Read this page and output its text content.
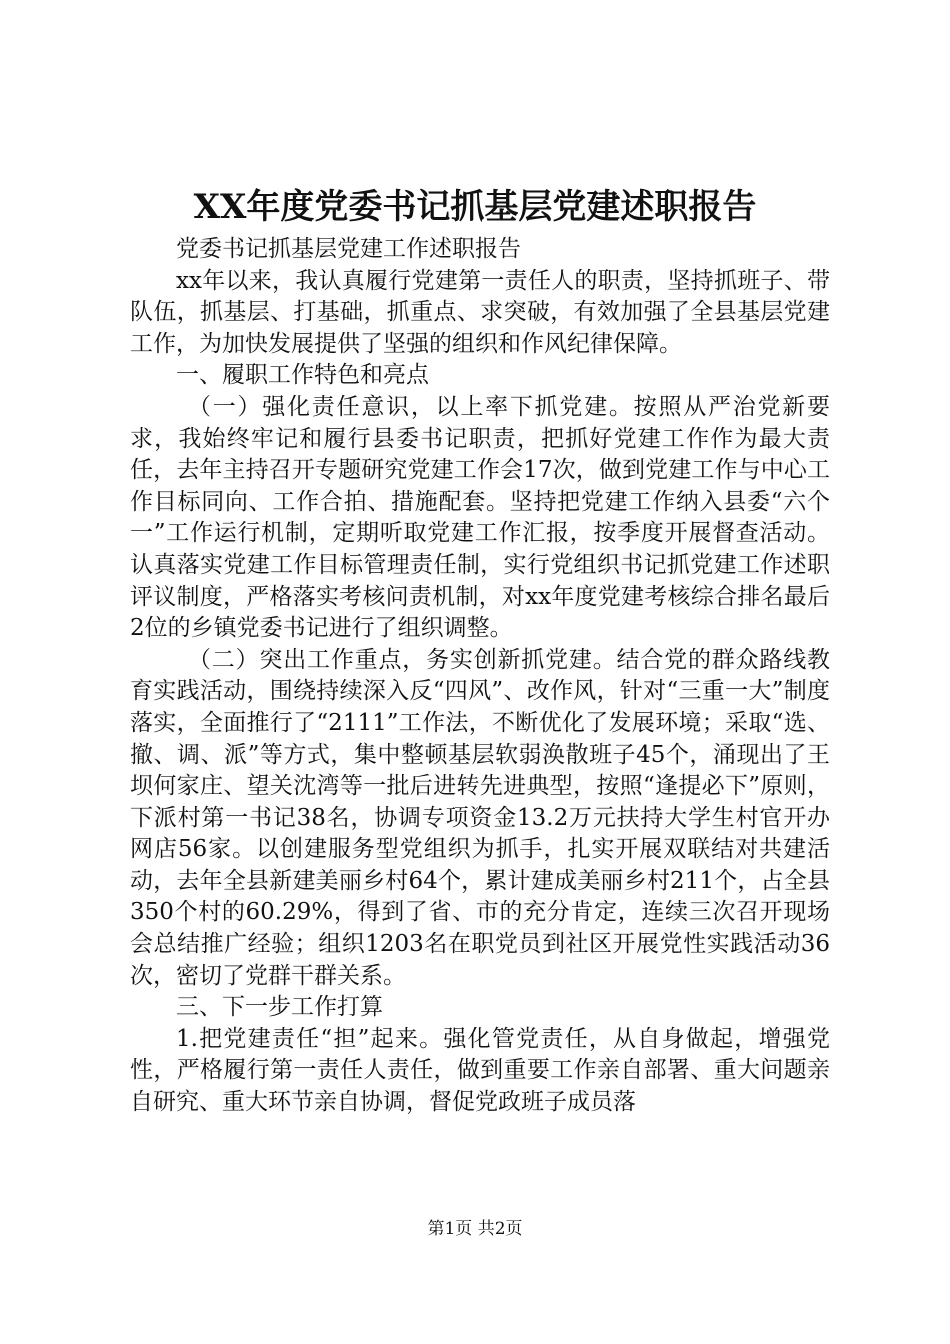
XX年度党委书记抓基层党建述职报告

党委书记抓基层党建工作述职报告

xx年以来，我认真履行党建第一责任人的职责，坚持抓班子、带队伍，抓基层、打基础，抓重点、求突破，有效加强了全县基层党建工作，为加快发展提供了坚强的组织和作风纪律保障。

一、履职工作特色和亮点

（一）强化责任意识，以上率下抓党建。按照从严治党新要求，我始终牢记和履行县委书记职责，把抓好党建工作作为最大责任，去年主持召开专题研究党建工作会17次，做到党建工作与中心工作目标同向、工作合拍、措施配套。坚持把党建工作纳入县委“六个一”工作运行机制，定期听取党建工作汇报，按季度开展督查活动。认真落实党建工作目标管理责任制，实行党组织书记抓党建工作述职评议制度，严格落实考核问责机制，对xx年度党建考核综合排名最后2位的乡镇党委书记进行了组织调整。

（二）突出工作重点，务实创新抓党建。结合党的群众路线教育实践活动，围绕持续深入反“四风”、改作风，针对“三重一大”制度落实，全面推行了“2111”工作法，不断优化了发展环境；采取“选、撤、调、派”等方式，集中整顿基层软弱涣散班子45个，涌现出了王坝何家庄、望关沈湾等一批后进转先进典型，按照“逢提必下”原则，下派村第一书记38名，协调专项资金13.2万元扶持大学生村官开办网店56家。以创建服务型党组织为抓手，扎实开展双联结对共建活动，去年全县新建美丽乡村64个，累计建成美丽乡村211个，占全县350个村的60.29%，得到了省、市的充分肯定，连续三次召开现场会总结推广经验；组织1203名在职党员到社区开展党性实践活动36次，密切了党群干群关系。

三、下一步工作打算

1.把党建责任“担”起来。强化管党责任，从自身做起，增强党性，严格履行第一责任人责任，做到重要工作亲自部署、重大问题亲自研究、重大环节亲自协调，督促党政班子成员落

第1页 共2页
